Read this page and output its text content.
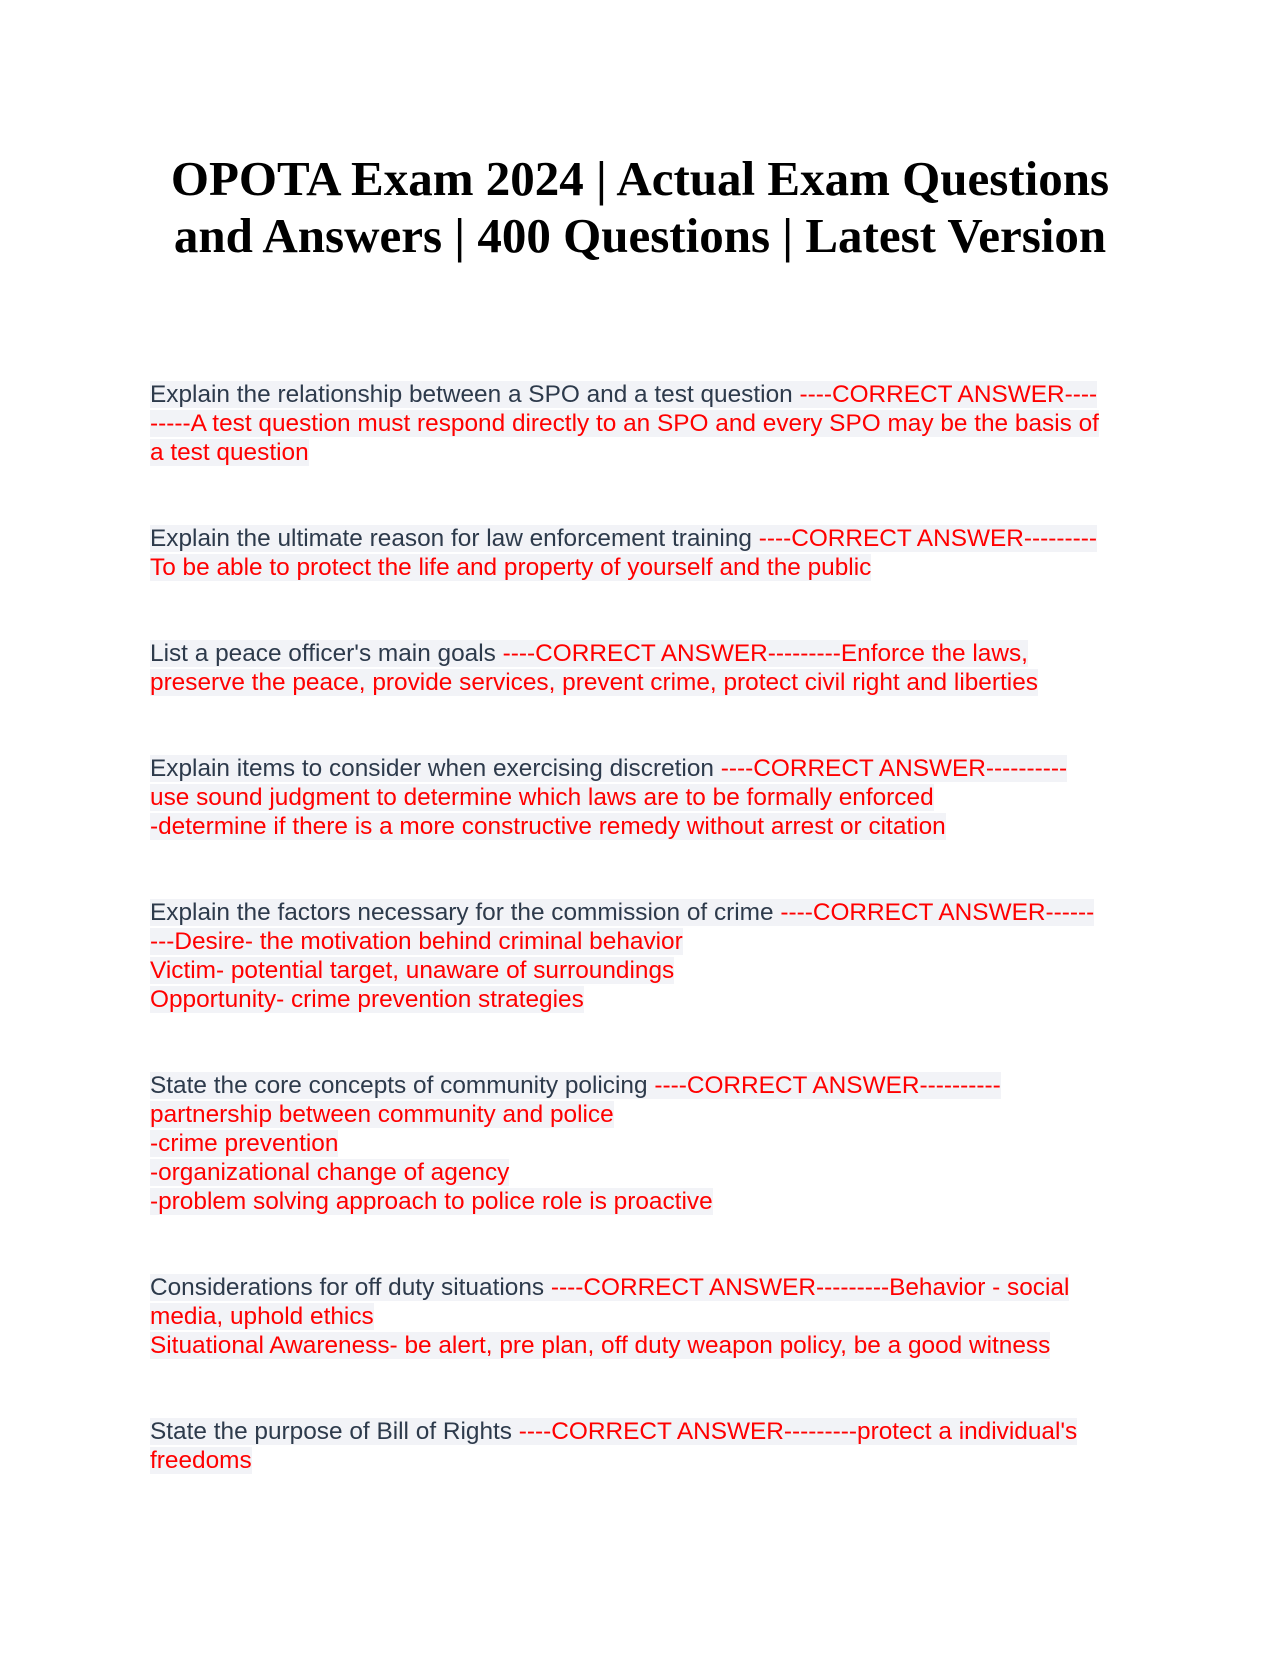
OPOTA Exam 2024 | Actual Exam Questions
and Answers | 400 Questions | Latest Version
Explain the relationship between a SPO and a test question ----CORRECT ANSWER----
-----A test question must respond directly to an SPO and every SPO may be the basis of
a test question
Explain the ultimate reason for law enforcement training ----CORRECT ANSWER---------
To be able to protect the life and property of yourself and the public
List a peace officer's main goals ----CORRECT ANSWER---------Enforce the laws,
preserve the peace, provide services, prevent crime, protect civil right and liberties
Explain items to consider when exercising discretion ----CORRECT ANSWER----------
use sound judgment to determine which laws are to be formally enforced
-determine if there is a more constructive remedy without arrest or citation
Explain the factors necessary for the commission of crime ----CORRECT ANSWER------
---Desire- the motivation behind criminal behavior
Victim- potential target, unaware of surroundings
Opportunity- crime prevention strategies
State the core concepts of community policing ----CORRECT ANSWER----------
partnership between community and police
-crime prevention
-organizational change of agency
-problem solving approach to police role is proactive
Considerations for off duty situations ----CORRECT ANSWER---------Behavior - social
media, uphold ethics
Situational Awareness- be alert, pre plan, off duty weapon policy, be a good witness
State the purpose of Bill of Rights ----CORRECT ANSWER---------protect a individual's
freedoms
